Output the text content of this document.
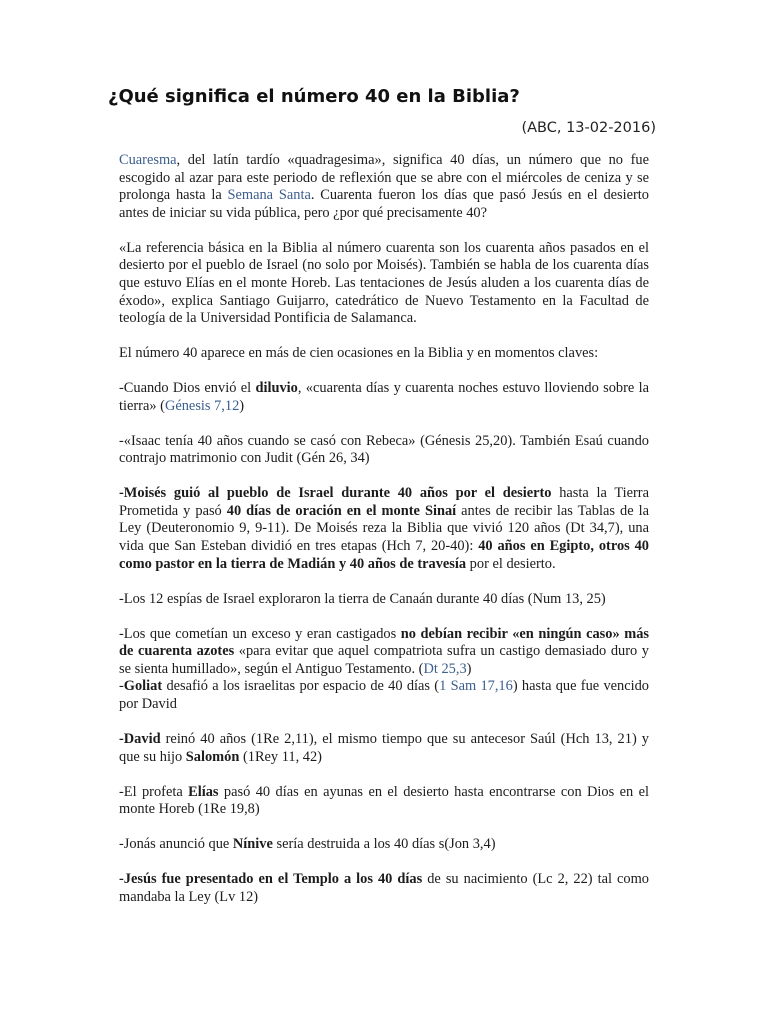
¿Qué significa el número 40 en la Biblia?
(ABC, 13-02-2016)

Cuaresma, del latín tardío «quadragesima», significa 40 días, un número que no fue escogido al azar para este periodo de reflexión que se abre con el miércoles de ceniza y se prolonga hasta la Semana Santa. Cuarenta fueron los días que pasó Jesús en el desierto antes de iniciar su vida pública, pero ¿por qué precisamente 40?

«La referencia básica en la Biblia al número cuarenta son los cuarenta años pasados en el desierto por el pueblo de Israel (no solo por Moisés). También se habla de los cuarenta días que estuvo Elías en el monte Horeb. Las tentaciones de Jesús aluden a los cuarenta días de éxodo», explica Santiago Guijarro, catedrático de Nuevo Testamento en la Facultad de teología de la Universidad Pontificia de Salamanca.

El número 40 aparece en más de cien ocasiones en la Biblia y en momentos claves:

-Cuando Dios envió el diluvio, «cuarenta días y cuarenta noches estuvo lloviendo sobre la tierra» (Génesis 7,12)

-«Isaac tenía 40 años cuando se casó con Rebeca» (Génesis 25,20). También Esaú cuando contrajo matrimonio con Judit (Gén 26, 34)

-Moisés guió al pueblo de Israel durante 40 años por el desierto hasta la Tierra Prometida y pasó 40 días de oración en el monte Sinaí antes de recibir las Tablas de la Ley (Deuteronomio 9, 9-11). De Moisés reza la Biblia que vivió 120 años (Dt 34,7), una vida que San Esteban dividió en tres etapas (Hch 7, 20-40): 40 años en Egipto, otros 40 como pastor en la tierra de Madián y 40 años de travesía por el desierto.

-Los 12 espías de Israel exploraron la tierra de Canaán durante 40 días (Num 13, 25)

-Los que cometían un exceso y eran castigados no debían recibir «en ningún caso» más de cuarenta azotes «para evitar que aquel compatriota sufra un castigo demasiado duro y se sienta humillado», según el Antiguo Testamento. (Dt 25,3)

-Goliat desafió a los israelitas por espacio de 40 días (1 Sam 17,16) hasta que fue vencido por David

-David reinó 40 años (1Re 2,11), el mismo tiempo que su antecesor Saúl (Hch 13, 21) y que su hijo Salomón (1Rey 11, 42)

-El profeta Elías pasó 40 días en ayunas en el desierto hasta encontrarse con Dios en el monte Horeb (1Re 19,8)

-Jonás anunció que Nínive sería destruida a los 40 días s(Jon 3,4)

-Jesús fue presentado en el Templo a los 40 días de su nacimiento (Lc 2, 22) tal como mandaba la Ley (Lv 12)
